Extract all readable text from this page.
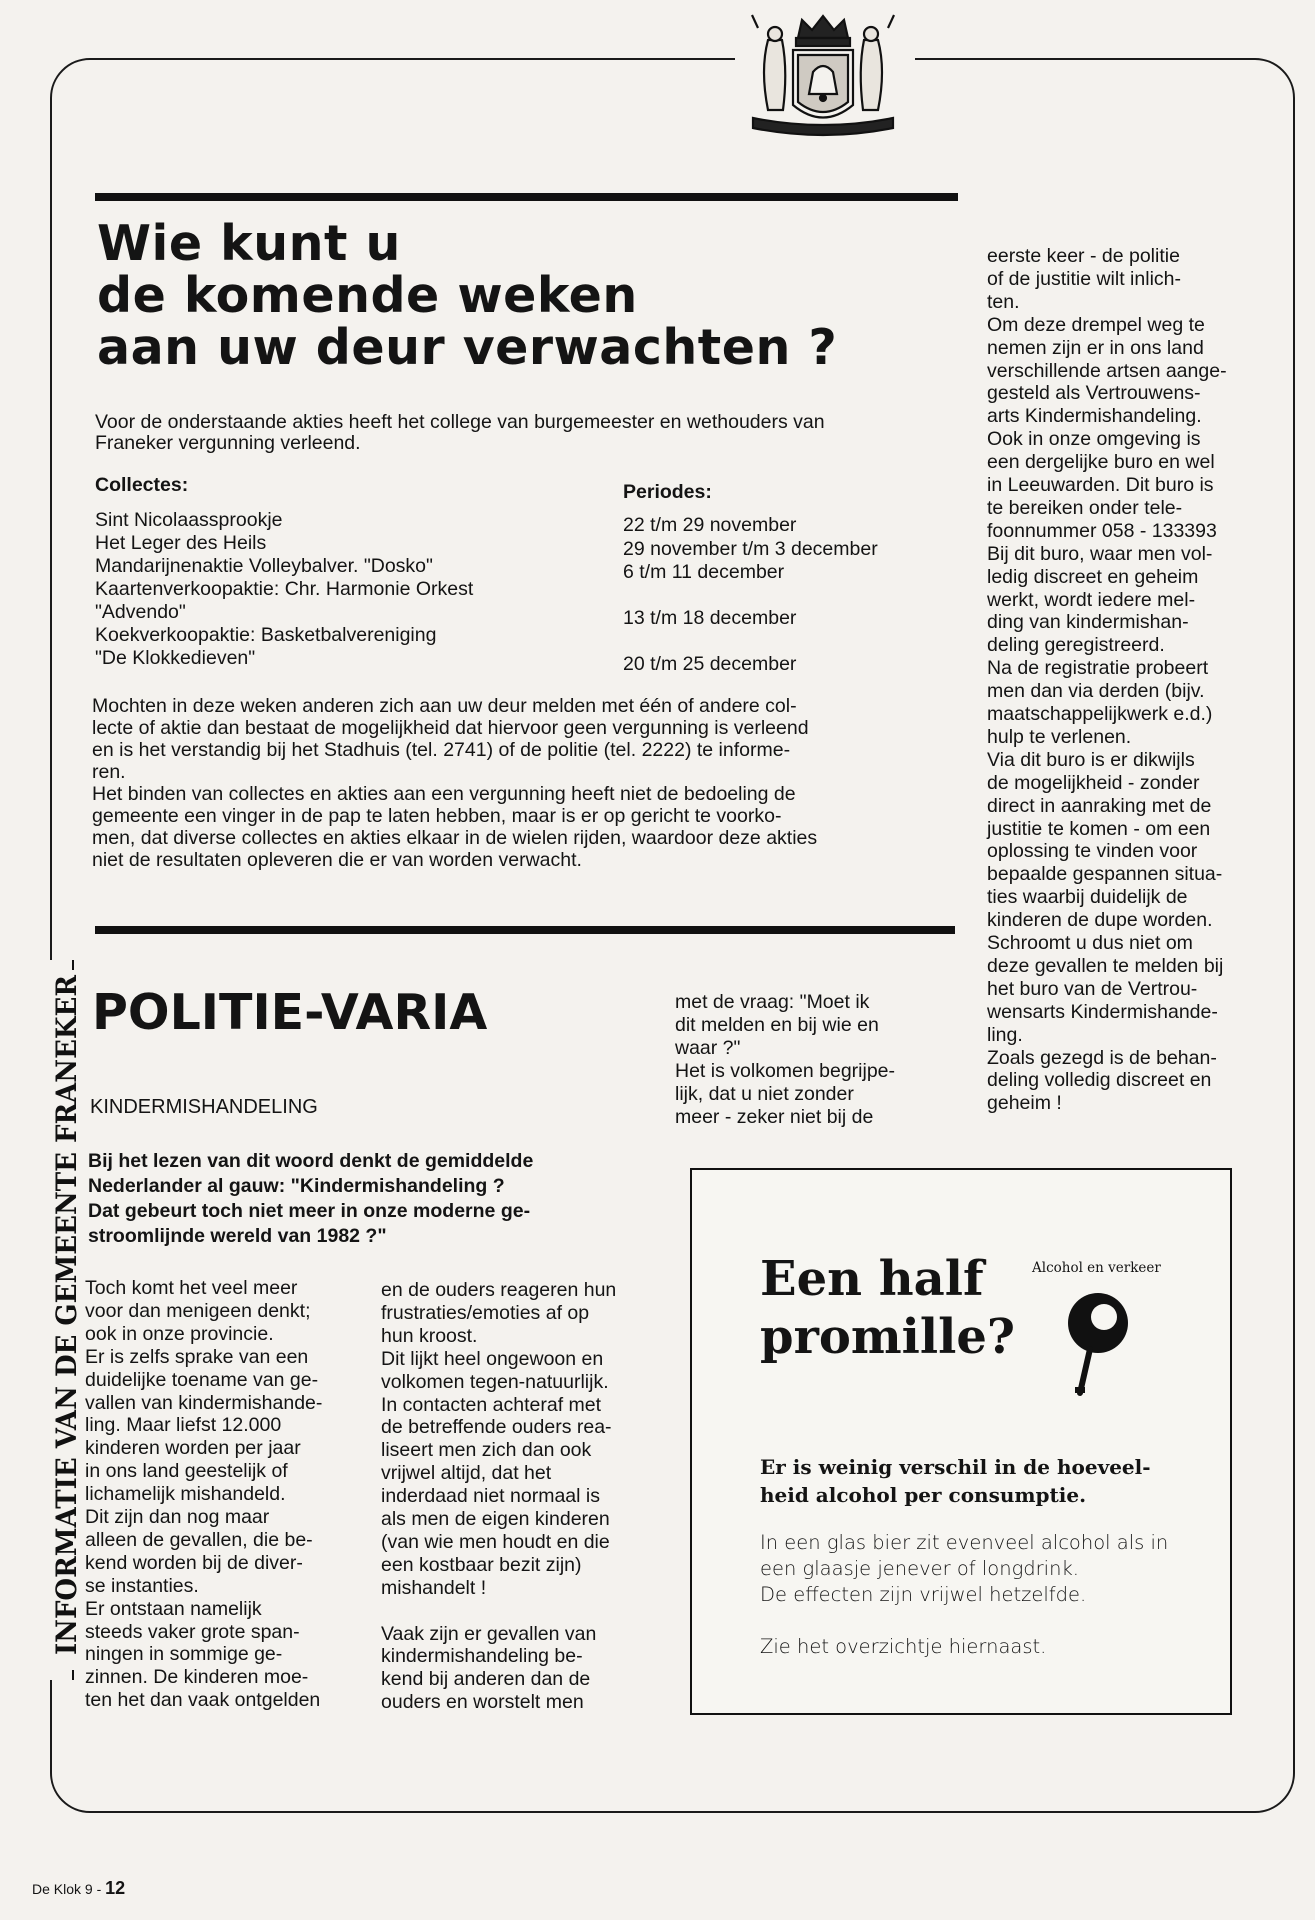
INFORMATIE VAN DE GEMEENTE FRANEKER
Wie kunt u
de komende weken
aan uw deur verwachten ?
Voor de onderstaande akties heeft het college van burgemeester en wethouders van
Franeker vergunning verleend.
Collectes:
Sint Nicolaassprookje
Het Leger des Heils
Mandarijnenaktie Volleybalver. "Dosko"
Kaartenverkoopaktie: Chr. Harmonie Orkest
"Advendo"
Koekverkoopaktie: Basketbalvereniging
"De Klokkedieven"
Periodes:
22 t/m 29 november
29 november t/m 3 december
6 t/m 11 december
13 t/m 18 december
20 t/m 25 december
Mochten in deze weken anderen zich aan uw deur melden met één of andere col-
lecte of aktie dan bestaat de mogelijkheid dat hiervoor geen vergunning is verleend
en is het verstandig bij het Stadhuis (tel. 2741) of de politie (tel. 2222) te informe-
ren.
Het binden van collectes en akties aan een vergunning heeft niet de bedoeling de
gemeente een vinger in de pap te laten hebben, maar is er op gericht te voorko-
men, dat diverse collectes en akties elkaar in de wielen rijden, waardoor deze akties
niet de resultaten opleveren die er van worden verwacht.
eerste keer - de politie
of de justitie wilt inlich-
ten.
Om deze drempel weg te
nemen zijn er in ons land
verschillende artsen aange-
gesteld als Vertrouwens-
arts Kindermishandeling.
Ook in onze omgeving is
een dergelijke buro en wel
in Leeuwarden. Dit buro is
te bereiken onder tele-
foonnummer 058 - 133393
Bij dit buro, waar men vol-
ledig discreet en geheim
werkt, wordt iedere mel-
ding van kindermishan-
deling geregistreerd.
Na de registratie probeert
men dan via derden (bijv.
maatschappelijkwerk e.d.)
hulp te verlenen.
Via dit buro is er dikwijls
de mogelijkheid - zonder
direct in aanraking met de
justitie te komen - om een
oplossing te vinden voor
bepaalde gespannen situa-
ties waarbij duidelijk de
kinderen de dupe worden.
Schroomt u dus niet om
deze gevallen te melden bij
het buro van de Vertrou-
wensarts Kindermishande-
ling.
Zoals gezegd is de behan-
deling volledig discreet en
geheim !
POLITIE-VARIA
KINDERMISHANDELING
Bij het lezen van dit woord denkt de gemiddelde
Nederlander al gauw: "Kindermishandeling ?
Dat gebeurt toch niet meer in onze moderne ge-
stroomlijnde wereld van 1982 ?"
Toch komt het veel meer
voor dan menigeen denkt;
ook in onze provincie.
Er is zelfs sprake van een
duidelijke toename van ge-
vallen van kindermishande-
ling. Maar liefst 12.000
kinderen worden per jaar
in ons land geestelijk of
lichamelijk mishandeld.
Dit zijn dan nog maar
alleen de gevallen, die be-
kend worden bij de diver-
se instanties.
Er ontstaan namelijk
steeds vaker grote span-
ningen in sommige ge-
zinnen. De kinderen moe-
ten het dan vaak ontgelden
en de ouders reageren hun
frustraties/emoties af op
hun kroost.
Dit lijkt heel ongewoon en
volkomen tegen-natuurlijk.
In contacten achteraf met
de betreffende ouders rea-
liseert men zich dan ook
vrijwel altijd, dat het
inderdaad niet normaal is
als men de eigen kinderen
(van wie men houdt en die
een kostbaar bezit zijn)
mishandelt !
Vaak zijn er gevallen van
kindermishandeling be-
kend bij anderen dan de
ouders en worstelt men
met de vraag: "Moet ik
dit melden en bij wie en
waar ?"
Het is volkomen begrijpe-
lijk, dat u niet zonder
meer - zeker niet bij de
Een half
promille?
Alcohol en verkeer
Er is weinig verschil in de hoeveel-
heid alcohol per consumptie.
In een glas bier zit evenveel alcohol als in
een glaasje jenever of longdrink.
De effecten zijn vrijwel hetzelfde.
Zie het overzichtje hiernaast.
De Klok 9 - 12
